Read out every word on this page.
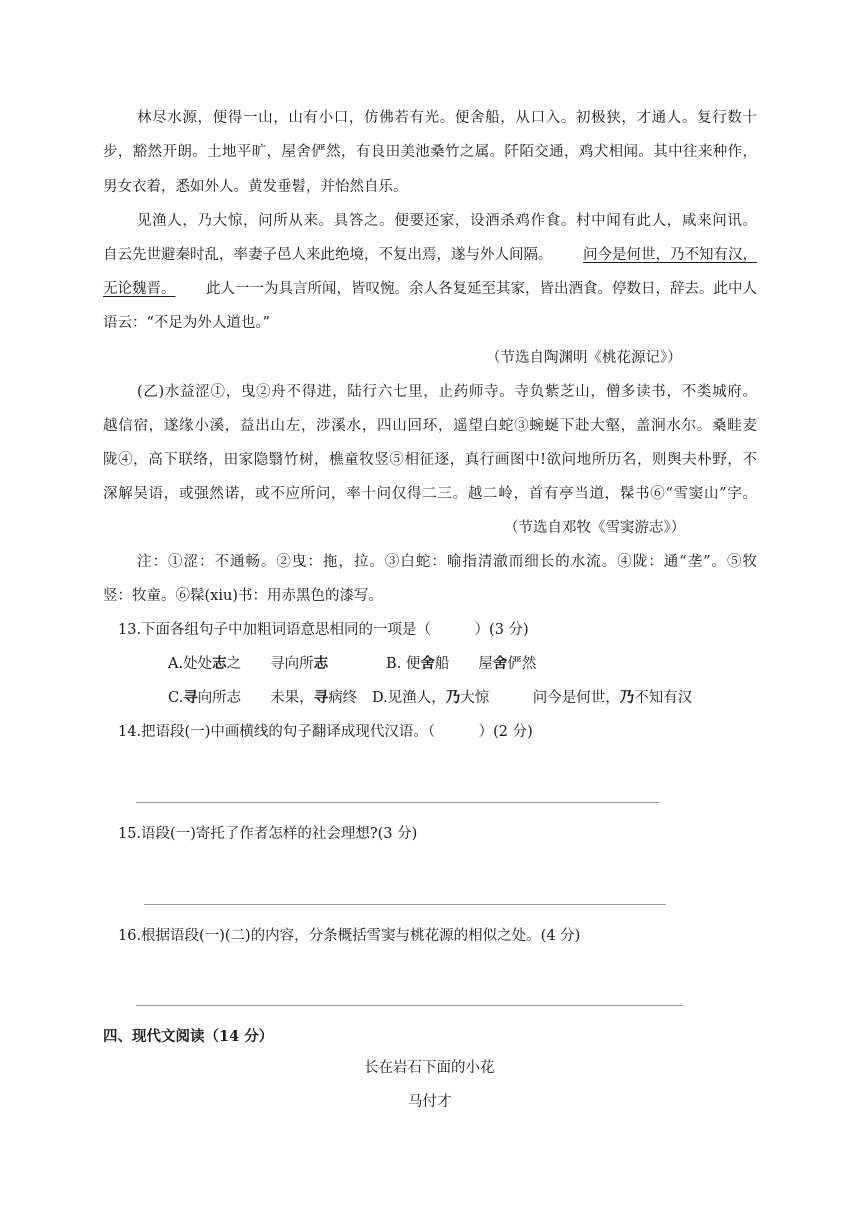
林尽水源，便得一山，山有小口，仿佛若有光。便舍船，从口入。初极狭，才通人。复行数十
步，豁然开朗。土地平旷，屋舍俨然，有良田美池桑竹之属。阡陌交通，鸡犬相闻。其中往来种作，
男女衣着，悉如外人。黄发垂髫，并怡然自乐。
见渔人，乃大惊，问所从来。具答之。便要还家，设酒杀鸡作食。村中闻有此人，咸来问讯。
自云先世避秦时乱，率妻子邑人来此绝境，不复出焉，遂与外人间隔。 问今是何世，乃不知有汉，
无论魏晋。 此人一一为具言所闻，皆叹惋。余人各复延至其家，皆出酒食。停数日，辞去。此中人
语云：“不足为外人道也。”
（节选自陶渊明《桃花源记》）
(乙)水益涩①，曳②舟不得进，陆行六七里，止药师寺。寺负紫芝山，僧多读书，不类城府。
越信宿，遂缘小溪，益出山左，涉溪水，四山回环，遥望白蛇③蜿蜒下赴大壑，盖涧水尔。桑畦麦
陇④，高下联络，田家隐翳竹树，樵童牧竖⑤相征逐，真行画图中!欲问地所历名，则舆夫朴野，不
深解吴语，或强然诺，或不应所问，率十问仅得二三。越二岭，首有亭当道，髹书⑥“雪窦山”字。
（节选自邓牧《雪窦游志》）
注：①涩：不通畅。②曳：拖，拉。③白蛇：喻指清澈而细长的水流。④陇：通“垄”。⑤牧
竖：牧童。⑥髹(xiu)书：用赤黑色的漆写。
13.下面各组句子中加粗词语意思相同的一项是（　　　）(3 分)
A.处处志之　　寻向所志	B. 便舍船　　屋舍俨然
C.寻向所志　　未果，寻病终 D.见渔人，乃大惊　　　问今是何世，乃不知有汉
14.把语段(一)中画横线的句子翻译成现代汉语。（　　　）(2 分)
15.语段(一)寄托了作者怎样的社会理想?(3 分)
16.根据语段(一)(二)的内容，分条概括雪窦与桃花源的相似之处。(4 分)
四、现代文阅读（14 分）
长在岩石下面的小花
马付才
